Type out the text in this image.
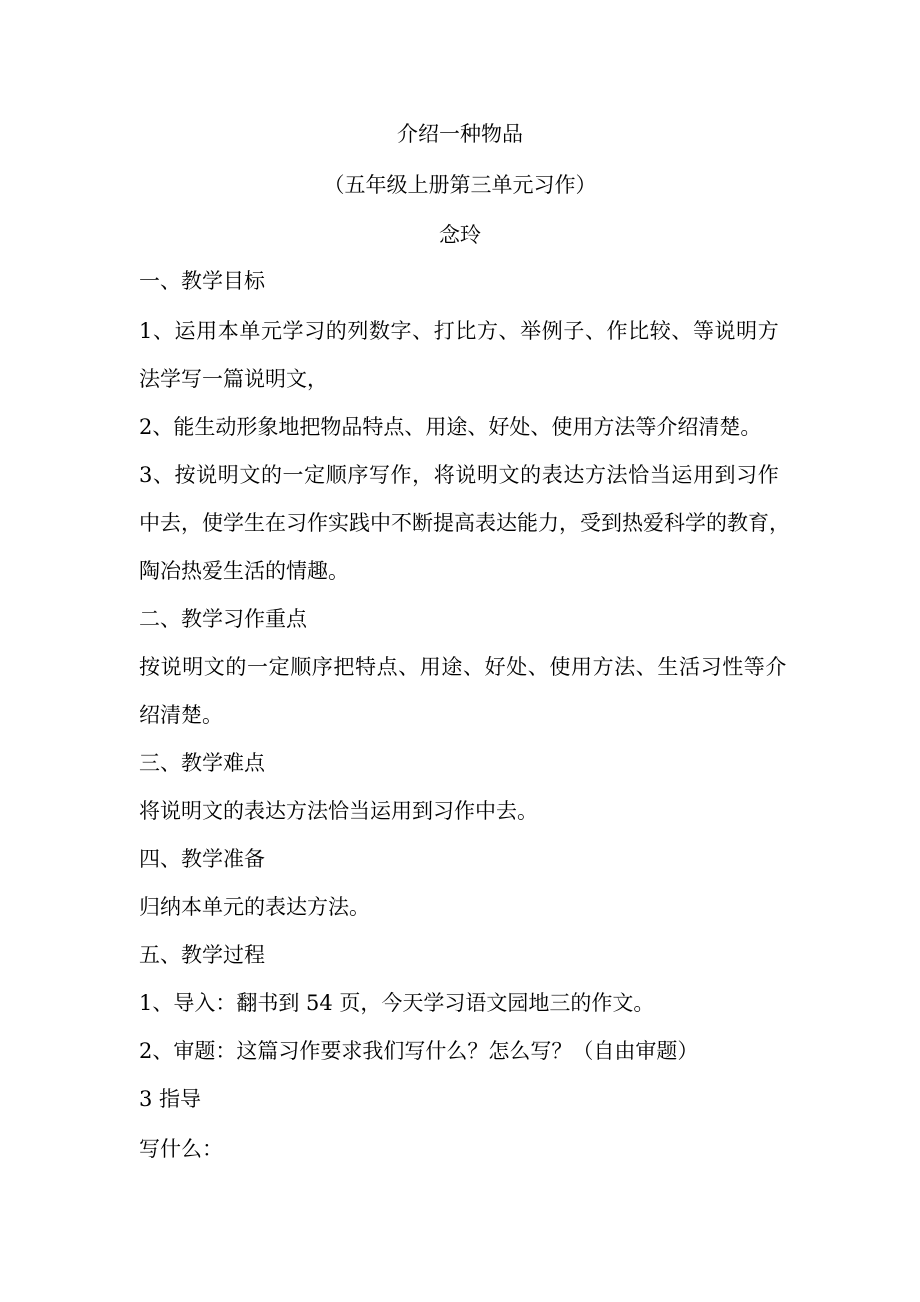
介绍一种物品
（五年级上册第三单元习作）
念玲
一、教学目标
1、运用本单元学习的列数字、打比方、举例子、作比较、等说明方
法学写一篇说明文，
2、能生动形象地把物品特点、用途、好处、使用方法等介绍清楚。
3、按说明文的一定顺序写作，将说明文的表达方法恰当运用到习作
中去，使学生在习作实践中不断提高表达能力，受到热爱科学的教育，
陶冶热爱生活的情趣。
二、教学习作重点
按说明文的一定顺序把特点、用途、好处、使用方法、生活习性等介
绍清楚。
三、教学难点
将说明文的表达方法恰当运用到习作中去。
四、教学准备
归纳本单元的表达方法。
五、教学过程
1、导入：翻书到 54 页，今天学习语文园地三的作文。
2、审题：这篇习作要求我们写什么？怎么写？（自由审题）
3 指导
写什么：
